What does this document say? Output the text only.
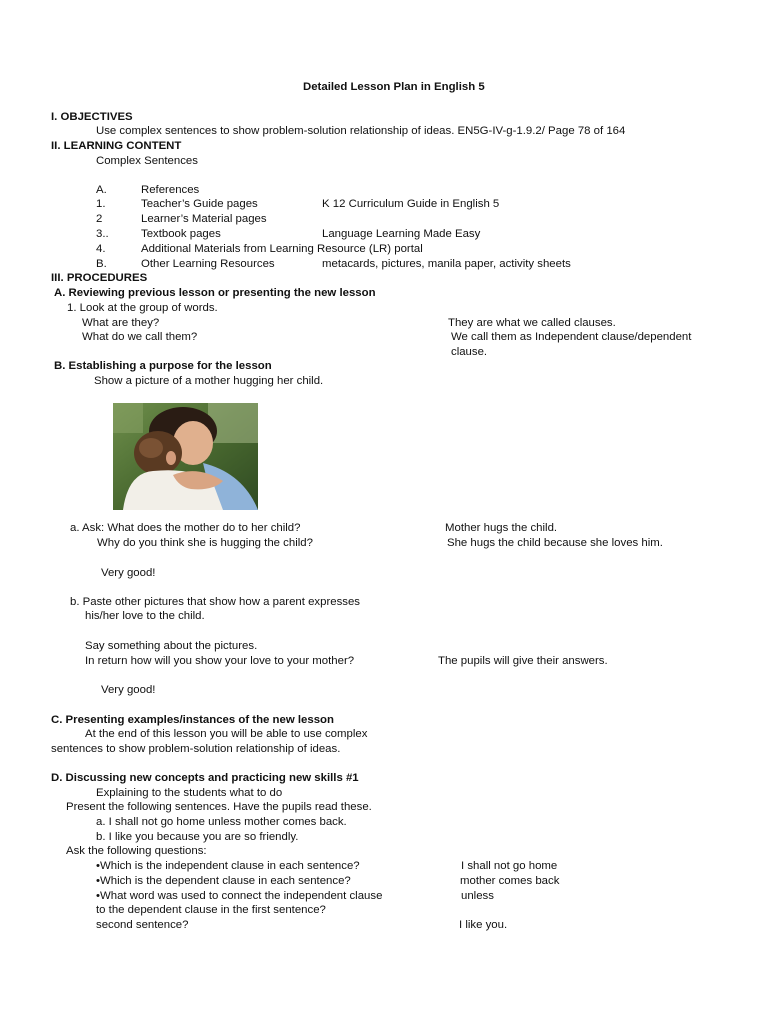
Detailed Lesson Plan in English 5
I. OBJECTIVES
Use complex sentences to show problem-solution relationship of ideas. EN5G-IV-g-1.9.2/ Page 78 of 164
II. LEARNING CONTENT
Complex Sentences
A.	References
1.	Teacher’s Guide pages	K 12 Curriculum Guide in English 5
2	Learner’s Material pages
3..	Textbook pages	Language Learning Made Easy
4.	Additional Materials from Learning Resource (LR) portal
B.	Other Learning Resources	metacards, pictures, manila paper, activity sheets
III. PROCEDURES
A. Reviewing previous lesson or presenting the new lesson
1. Look at the group of words.
What are they?	They are what we called clauses.
What do we call them?	We call them as Independent clause/dependent
clause.
B. Establishing a purpose for the lesson
Show a picture of a mother hugging her child.
a. Ask: What does the mother do to her child?	Mother hugs the child.
Why do you think she is hugging the child?	She hugs the child because she loves him.
Very good!
b. Paste other pictures that show how a parent expresses
his/her love to the child.
Say something about the pictures.
In return how will you show your love to your mother?	The pupils will give their answers.
Very good!
C. Presenting examples/instances of the new lesson
At the end of this lesson you will be able to use complex
sentences to show problem-solution relationship of ideas.
D. Discussing new concepts and practicing new skills #1
Explaining to the students what to do
Present the following sentences. Have the pupils read these.
a. I shall not go home unless mother comes back.
b. I like you because you are so friendly.
Ask the following questions:
•Which is the independent clause in each sentence?	I shall not go home
•Which is the dependent clause in each sentence?	mother comes back
•What word was used to connect the independent clause	unless
to the dependent clause in the first sentence?
second sentence?	I like you.
